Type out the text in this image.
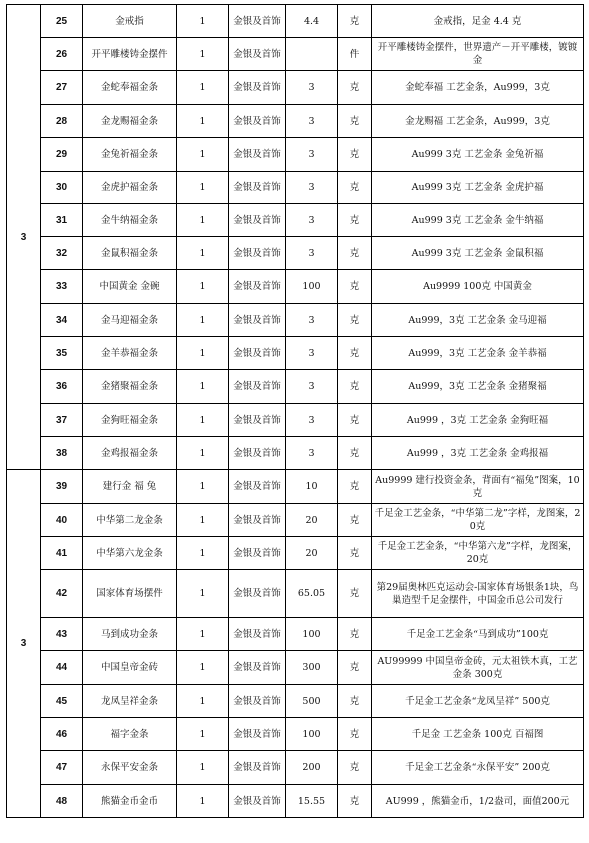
3	25	金戒指	1	金银及首饰	4.4	克	金戒指，足金 4.4 克
	26	开平雕楼铸金摆件	1	金银及首饰		件	开平雕楼铸金摆件，世界遗产－开平雕楼，镀镀金
	27	金蛇奉福金条	1	金银及首饰	3	克	金蛇奉福 工艺金条，Au999，3克
	28	金龙赐福金条	1	金银及首饰	3	克	金龙赐福 工艺金条，Au999，3克
	29	金兔祈福金条	1	金银及首饰	3	克	Au999 3克 工艺金条 金兔祈福
	30	金虎护福金条	1	金银及首饰	3	克	Au999 3克 工艺金条 金虎护福
	31	金牛纳福金条	1	金银及首饰	3	克	Au999 3克 工艺金条 金牛纳福
	32	金鼠积福金条	1	金银及首饰	3	克	Au999 3克 工艺金条 金鼠积福
	33	中国黄金 金碗	1	金银及首饰	100	克	Au9999 100克 中国黄金
	34	金马迎福金条	1	金银及首饰	3	克	Au999，3克 工艺金条 金马迎福
	35	金羊恭福金条	1	金银及首饰	3	克	Au999，3克 工艺金条 金羊恭福
	36	金猪聚福金条	1	金银及首饰	3	克	Au999，3克 工艺金条 金猪聚福
	37	金狗旺福金条	1	金银及首饰	3	克	Au999 ，3克 工艺金条 金狗旺福
	38	金鸡报福金条	1	金银及首饰	3	克	Au999 ，3克 工艺金条 金鸡报福
3	39	建行金 福 兔	1	金银及首饰	10	克	Au9999 建行投资金条，背面有“福兔”图案，10克
	40	中华第二龙金条	1	金银及首饰	20	克	千足金工艺金条，“中华第二龙”字样，龙图案，20克
	41	中华第六龙金条	1	金银及首饰	20	克	千足金工艺金条，“中华第六龙”字样，龙图案， 20克
	42	国家体育场摆件	1	金银及首饰	65.05	克	第29届奥林匹克运动会-国家体育场银条1块，鸟巢造型千足金摆件，中国金币总公司发行
	43	马到成功金条	1	金银及首饰	100	克	千足金工艺金条“马到成功”100克
	44	中国皇帝金砖	1	金银及首饰	300	克	AU99999 中国皇帝金砖，元太祖铁木真，工艺金条 300克
	45	龙凤呈祥金条	1	金银及首饰	500	克	千足金工艺金条“龙凤呈祥” 500克
	46	福字金条	1	金银及首饰	100	克	千足金 工艺金条 100克 百福图
	47	永保平安金条	1	金银及首饰	200	克	千足金工艺金条“永保平安” 200克
	48	熊猫金币金币	1	金银及首饰	15.55	克	AU999 ，熊猫金币，1/2盎司，面值200元
